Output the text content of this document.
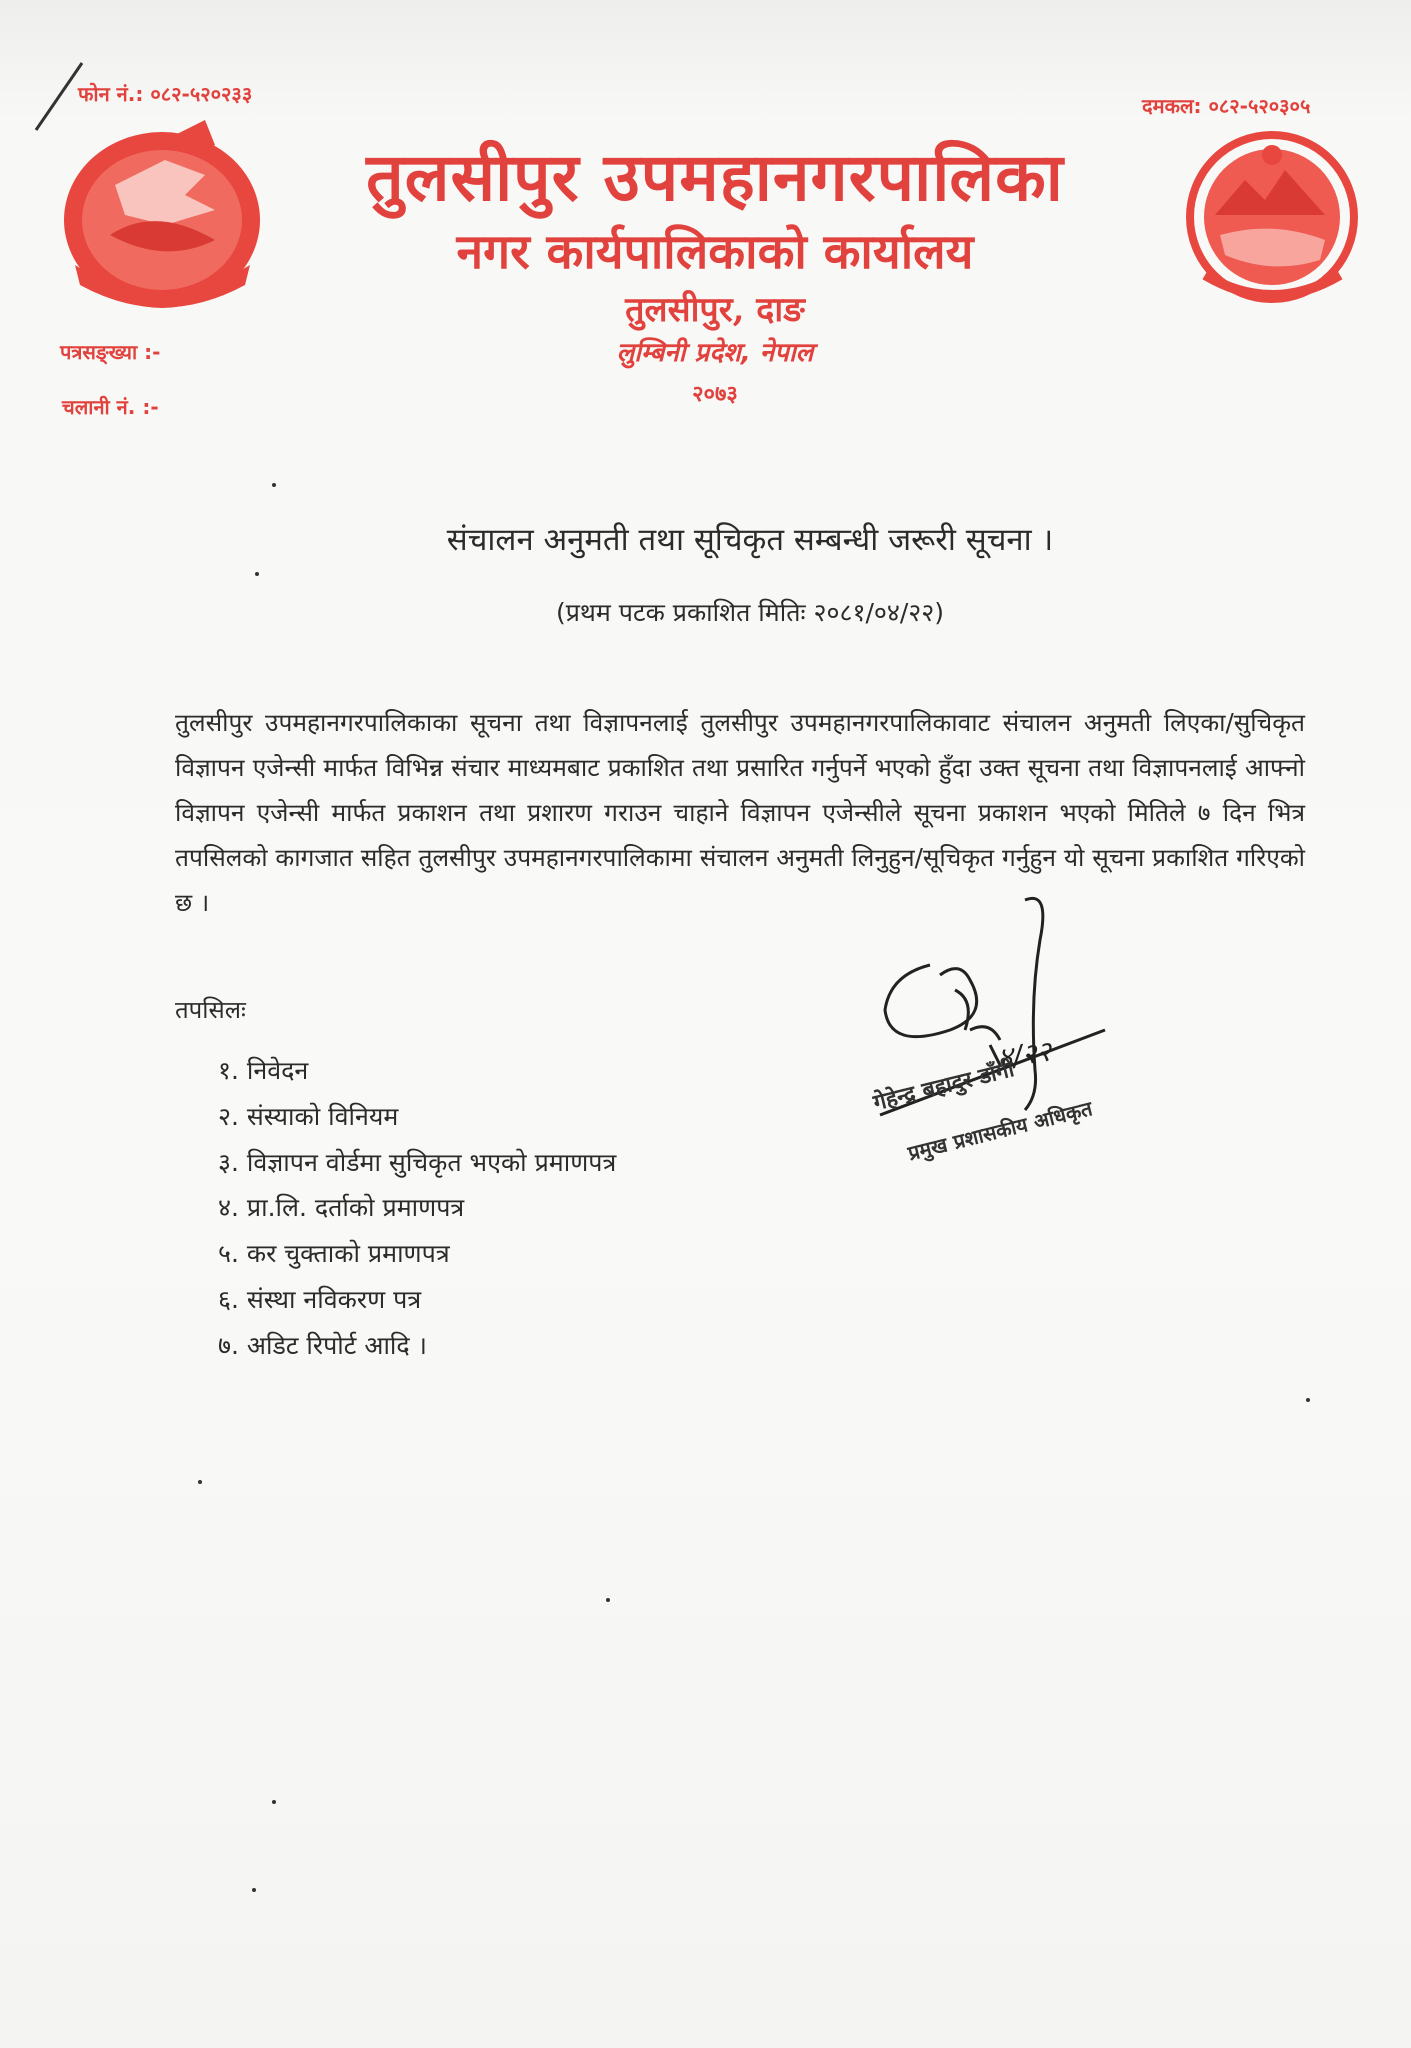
फोन नं.: ०८२-५२०२३३	दमकल: ०८२-५२०३०५
तुलसीपुर उपमहानगरपालिका
नगर कार्यपालिकाको कार्यालय
तुलसीपुर, दाङ
लुम्बिनी प्रदेश, नेपाल
२०७३
पत्रसङ्ख्या :-
चलानी नं. :-
संचालन अनुमती तथा सूचिकृत सम्बन्धी जरूरी सूचना ।
(प्रथम पटक प्रकाशित मितिः २०८१/०४/२२)
तुलसीपुर उपमहानगरपालिकाका सूचना तथा विज्ञापनलाई तुलसीपुर उपमहानगरपालिकावाट संचालन अनुमती लिएका/सुचिकृत विज्ञापन एजेन्सी मार्फत विभिन्न संचार माध्यमबाट प्रकाशित तथा प्रसारित गर्नुपर्ने भएको हुँदा उक्त सूचना तथा विज्ञापनलाई आफ्नो विज्ञापन एजेन्सी मार्फत प्रकाशन तथा प्रशारण गराउन चाहाने विज्ञापन एजेन्सीले सूचना प्रकाशन भएको मितिले ७ दिन भित्र तपसिलको कागजात सहित तुलसीपुर उपमहानगरपालिकामा संचालन अनुमती लिनुहुन/सूचिकृत गर्नुहुन यो सूचना प्रकाशित गरिएको छ ।
तपसिलः
१. निवेदन
२. संस्याको विनियम
३. विज्ञापन वोर्डमा सुचिकृत भएको प्रमाणपत्र
४. प्रा.लि. दर्ताको प्रमाणपत्र
५. कर चुक्ताको प्रमाणपत्र
६. संस्था नविकरण पत्र
७. अडिट रिपोर्ट आदि ।
४/२२
गेहेन्द्र बहादुर डाँगी
प्रमुख प्रशासकीय अधिकृत
